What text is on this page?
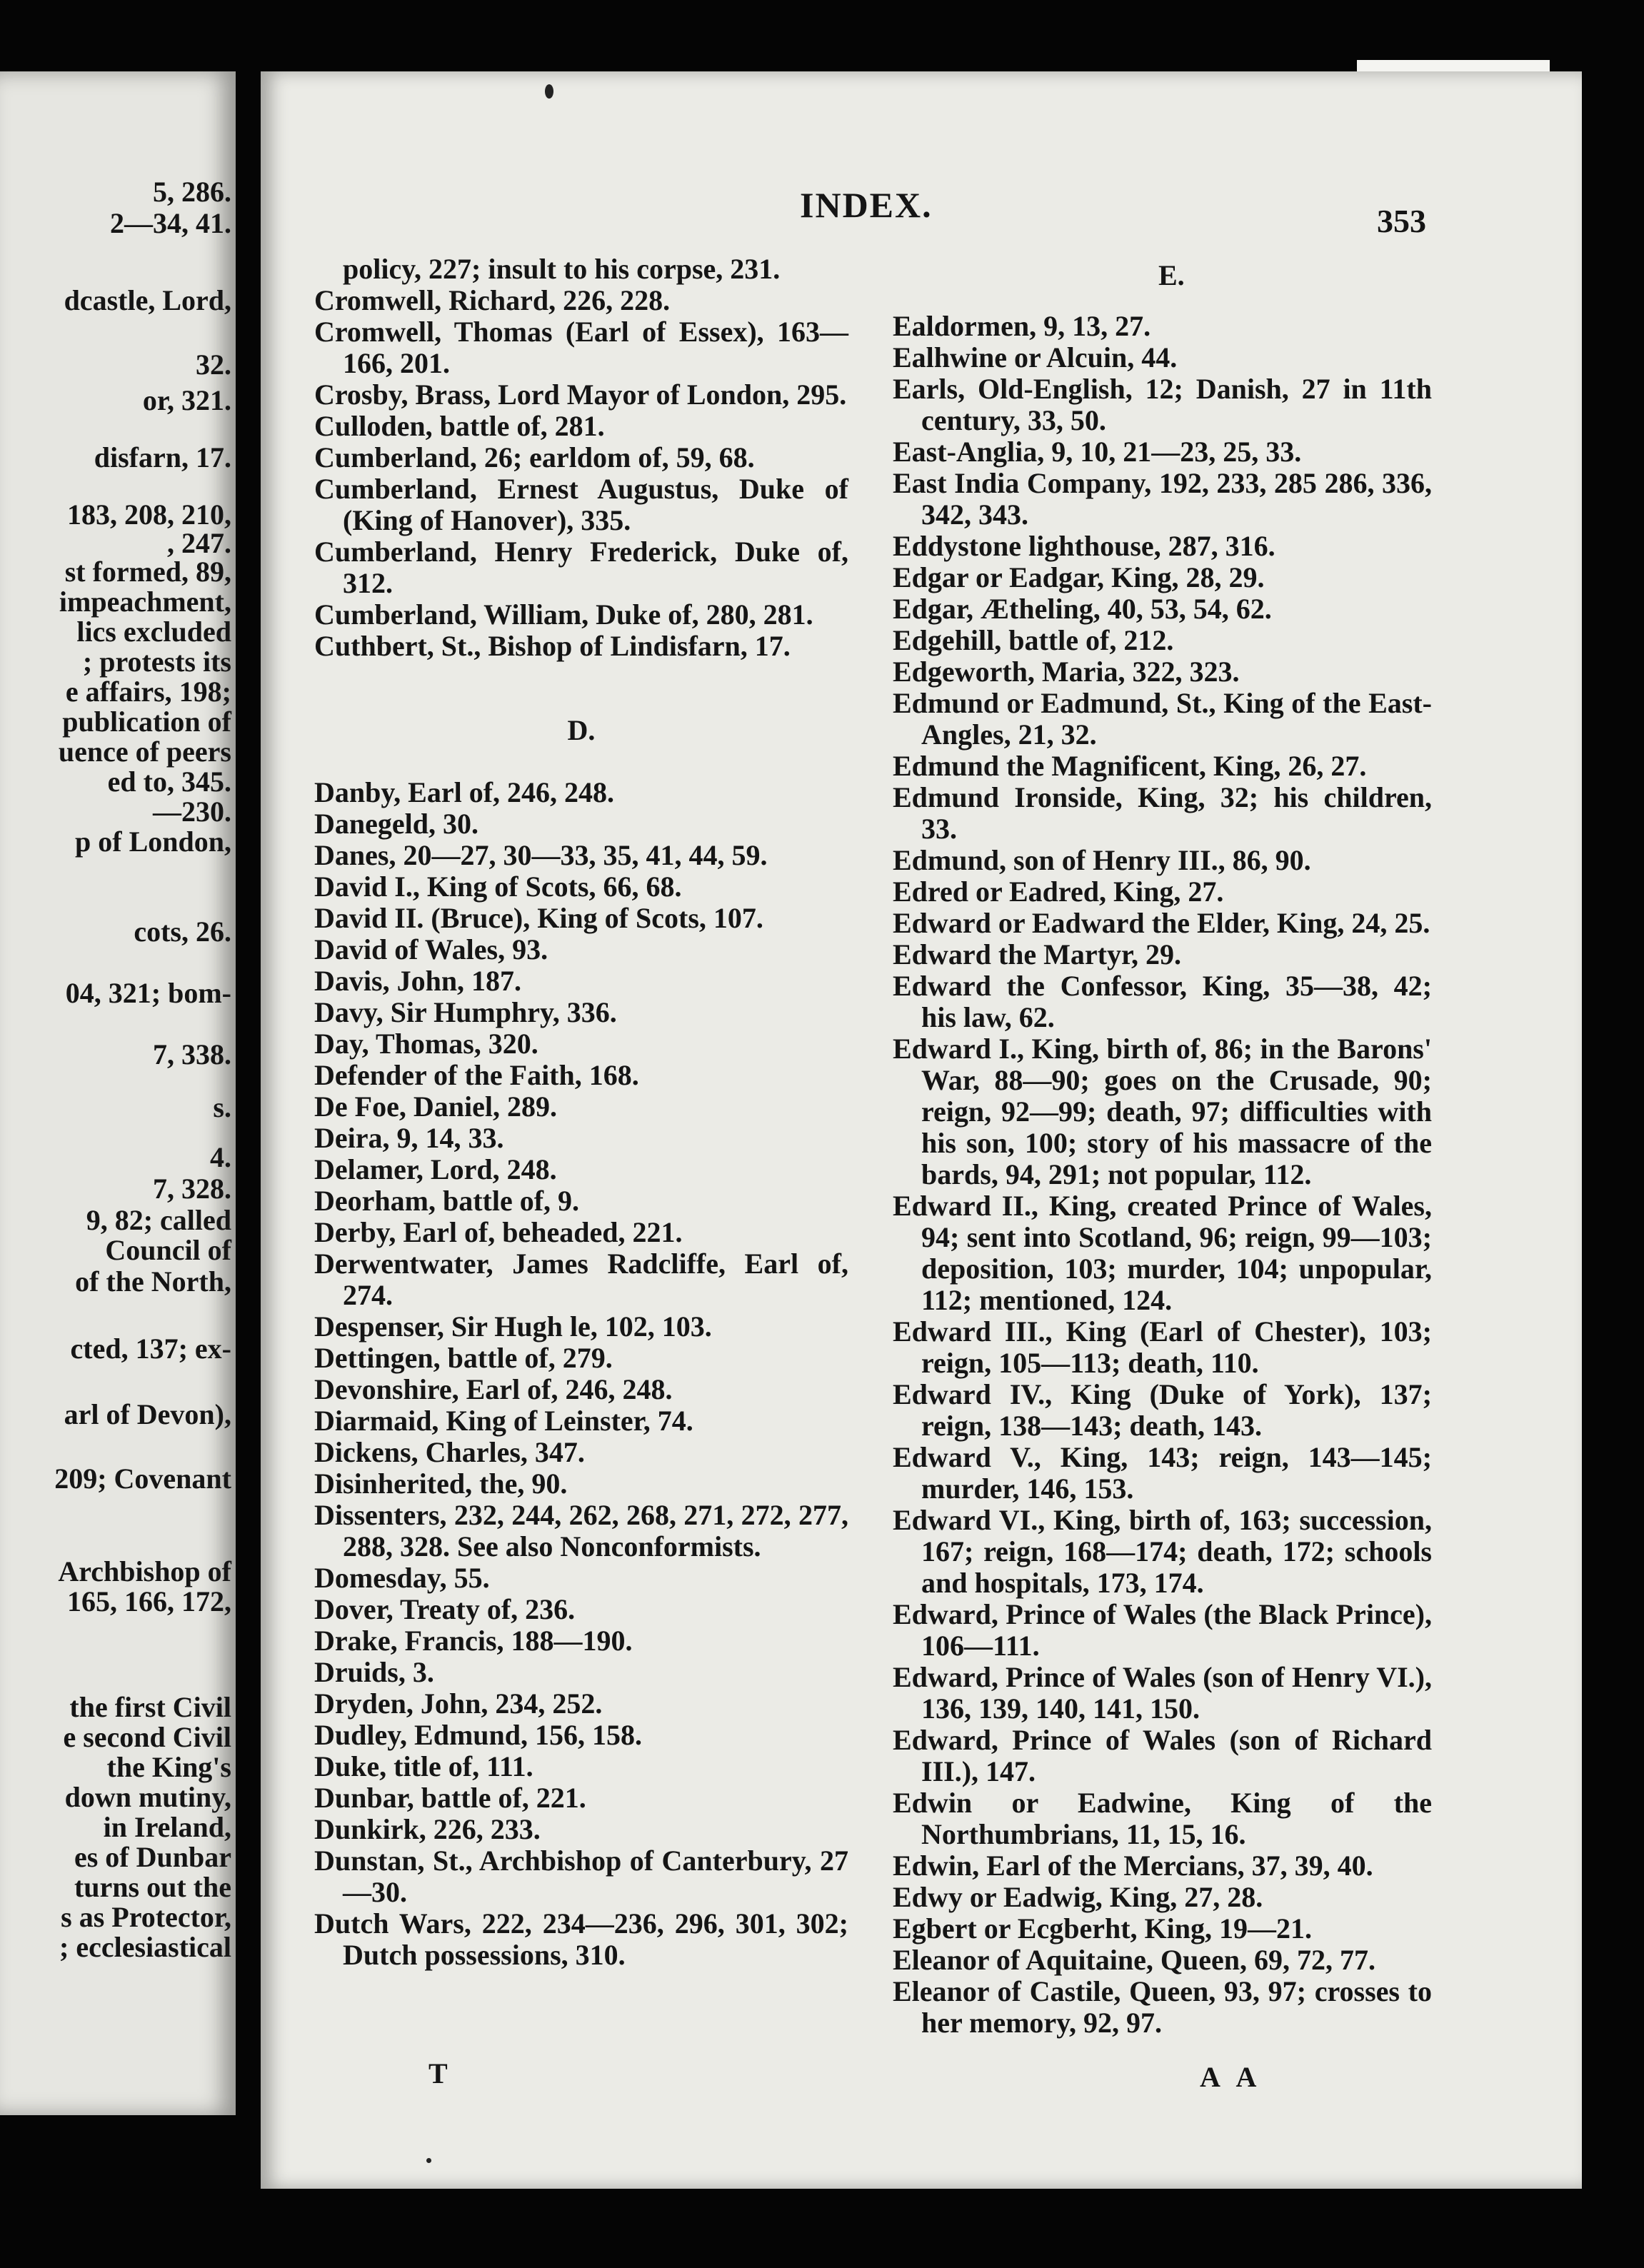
5, 286.
2—34, 41.
dcastle, Lord,
32.
or, 321.
disfarn, 17.
183, 208, 210,
, 247.
st formed, 89,
impeachment,
lics excluded
; protests its
e affairs, 198;
publication of
uence of peers
ed to, 345.
—230.
p of London,
cots, 26.
04, 321; bom-
7, 338.
s.
4.
7, 328.
9, 82; called
Council of
of the North,
cted, 137; ex-
arl of Devon),
209; Covenant
Archbishop of
165, 166, 172,
the first Civil
e second Civil
the King's
down mutiny,
in Ireland,
es of Dunbar
turns out the
s as Protector,
; ecclesiastical
INDEX.	353

policy, 227; insult to his corpse, 231.

Cromwell, Richard, 226, 228.

Cromwell, Thomas (Earl of Essex), 163—166, 201.

Crosby, Brass, Lord Mayor of London, 295.

Culloden, battle of, 281.

Cumberland, 26; earldom of, 59, 68.

Cumberland, Ernest Augustus, Duke of (King of Hanover), 335.

Cumberland, Henry Frederick, Duke of, 312.

Cumberland, William, Duke of, 280, 281.

Cuthbert, St., Bishop of Lindisfarn, 17.

D.

Danby, Earl of, 246, 248.

Danegeld, 30.

Danes, 20—27, 30—33, 35, 41, 44, 59.

David I., King of Scots, 66, 68.

David II. (Bruce), King of Scots, 107.

David of Wales, 93.

Davis, John, 187.

Davy, Sir Humphry, 336.

Day, Thomas, 320.

Defender of the Faith, 168.

De Foe, Daniel, 289.

Deira, 9, 14, 33.

Delamer, Lord, 248.

Deorham, battle of, 9.

Derby, Earl of, beheaded, 221.

Derwentwater, James Radcliffe, Earl of, 274.

Despenser, Sir Hugh le, 102, 103.

Dettingen, battle of, 279.

Devonshire, Earl of, 246, 248.

Diarmaid, King of Leinster, 74.

Dickens, Charles, 347.

Disinherited, the, 90.

Dissenters, 232, 244, 262, 268, 271, 272, 277, 288, 328. See also Nonconformists.

Domesday, 55.

Dover, Treaty of, 236.

Drake, Francis, 188—190.

Druids, 3.

Dryden, John, 234, 252.

Dudley, Edmund, 156, 158.

Duke, title of, 111.

Dunbar, battle of, 221.

Dunkirk, 226, 233.

Dunstan, St., Archbishop of Canterbury, 27—30.

Dutch Wars, 222, 234—236, 296, 301, 302; Dutch possessions, 310.

E.

Ealdormen, 9, 13, 27.

Ealhwine or Alcuin, 44.

Earls, Old-English, 12; Danish, 27 in 11th century, 33, 50.

East-Anglia, 9, 10, 21—23, 25, 33.

East India Company, 192, 233, 285 286, 336, 342, 343.

Eddystone lighthouse, 287, 316.

Edgar or Eadgar, King, 28, 29.

Edgar, Ætheling, 40, 53, 54, 62.

Edgehill, battle of, 212.

Edgeworth, Maria, 322, 323.

Edmund or Eadmund, St., King of the East-Angles, 21, 32.

Edmund the Magnificent, King, 26, 27.

Edmund Ironside, King, 32; his children, 33.

Edmund, son of Henry III., 86, 90.

Edred or Eadred, King, 27.

Edward or Eadward the Elder, King, 24, 25.

Edward the Martyr, 29.

Edward the Confessor, King, 35—38, 42; his law, 62.

Edward I., King, birth of, 86; in the Barons' War, 88—90; goes on the Crusade, 90; reign, 92—99; death, 97; difficulties with his son, 100; story of his massacre of the bards, 94, 291; not popular, 112.

Edward II., King, created Prince of Wales, 94; sent into Scotland, 96; reign, 99—103; deposition, 103; murder, 104; unpopular, 112; mentioned, 124.

Edward III., King (Earl of Chester), 103; reign, 105—113; death, 110.

Edward IV., King (Duke of York), 137; reign, 138—143; death, 143.

Edward V., King, 143; reign, 143—145; murder, 146, 153.

Edward VI., King, birth of, 163; succession, 167; reign, 168—174; death, 172; schools and hospitals, 173, 174.

Edward, Prince of Wales (the Black Prince), 106—111.

Edward, Prince of Wales (son of Henry VI.), 136, 139, 140, 141, 150.

Edward, Prince of Wales (son of Richard III.), 147.

Edwin or Eadwine, King of the Northumbrians, 11, 15, 16.

Edwin, Earl of the Mercians, 37, 39, 40.

Edwy or Eadwig, King, 27, 28.

Egbert or Ecgberht, King, 19—21.

Eleanor of Aquitaine, Queen, 69, 72, 77.

Eleanor of Castile, Queen, 93, 97; crosses to her memory, 92, 97.

T	A A
